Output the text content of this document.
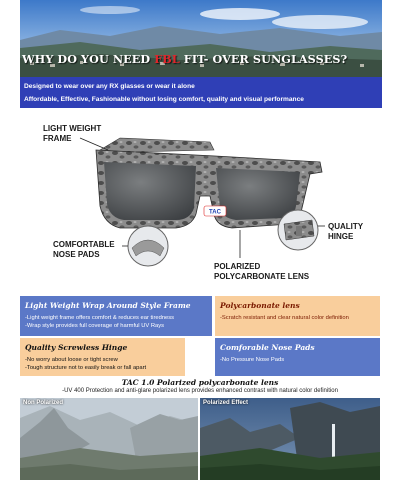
WHY DO YOU NEED FBL FIT- OVER SUNGLASSES?
Designed to wear over any RX glasses or wear it alone
Affordable, Effective, Fashionable without losing comfort, quality and visual performance
TAC
LIGHT WEIGHT
FRAME
COMFORTABLE
NOSE PADS
QUALITY
HINGE
POLARIZED
POLYCARBONATE LENS
Light Weight Wrap Around Style Frame
-Light weight frame offers comfort & reduces ear tiredness
-Wrap style provides full coverage of harmful UV Rays
Polycarbonate lens
-Scratch resistant and clear natural color definition
Quality Screwless Hinge
-No worry about loose or tight screw
-Tough structure not to easily break or fall apart
Comforable Nose Pads
-No Pressure Nose Pads
TAC 1.0 Polarized polycarbonate lens
-UV 400 Protection and anti-glare polarized lens provides enhanced contrast with natural color definition
Non Polarized	Polarized Effect
